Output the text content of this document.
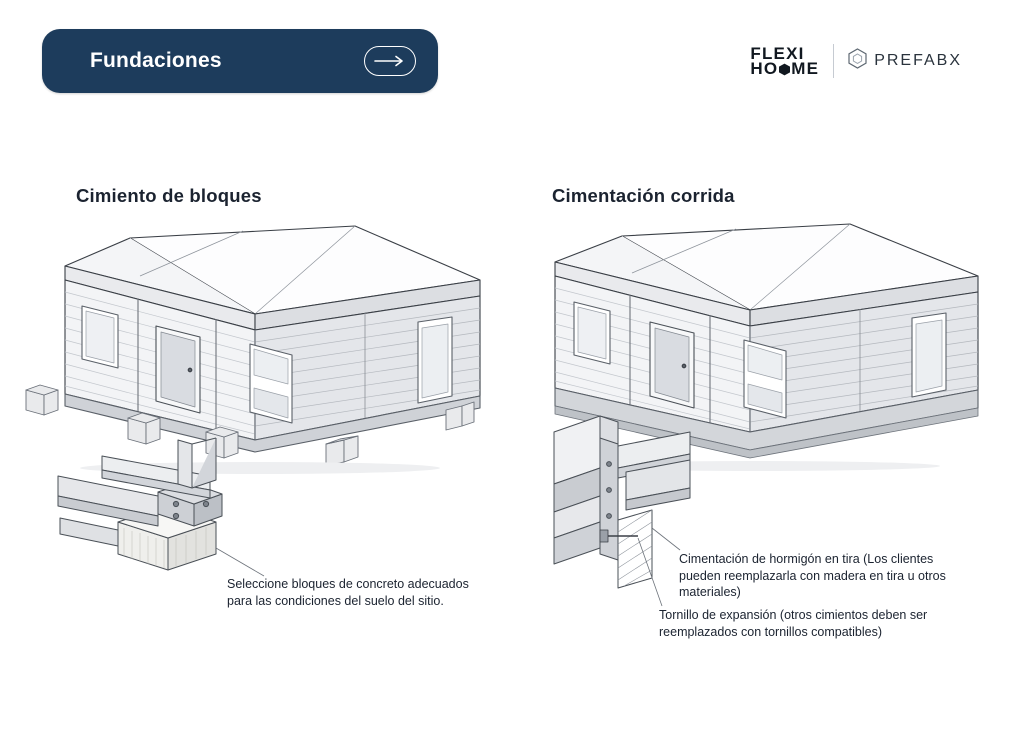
Fundaciones	FLEXI
HO ME	PREFABX
Cimiento de bloques	Cimentación corrida
Seleccione bloques de concreto adecuados para las condiciones del suelo del sitio.
Cimentación de hormigón en tira (Los clientes pueden reemplazarla con madera en tira u otros materiales)
Tornillo de expansión (otros cimientos deben ser reemplazados con tornillos compatibles)
